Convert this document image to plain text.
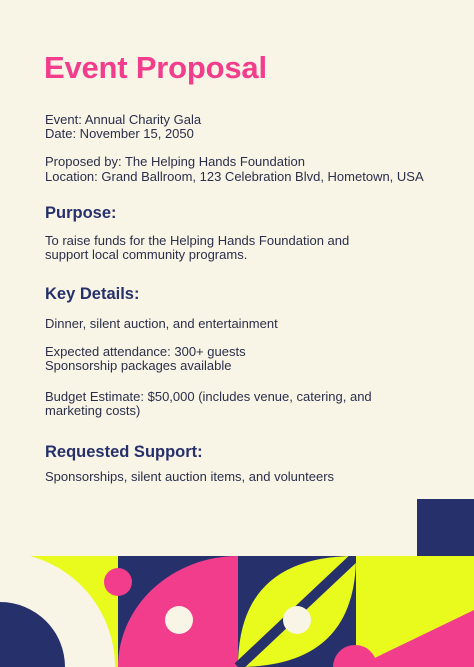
Event Proposal

Event: Annual Charity Gala

Date: November 15, 2050

Proposed by: The Helping Hands Foundation

Location: Grand Ballroom, 123 Celebration Blvd, Hometown, USA

Purpose:

To raise funds for the Helping Hands Foundation and

support local community programs.

Key Details:

Dinner, silent auction, and entertainment

Expected attendance: 300+ guests

Sponsorship packages available

Budget Estimate: $50,000 (includes venue, catering, and

marketing costs)

Requested Support:

Sponsorships, silent auction items, and volunteers
